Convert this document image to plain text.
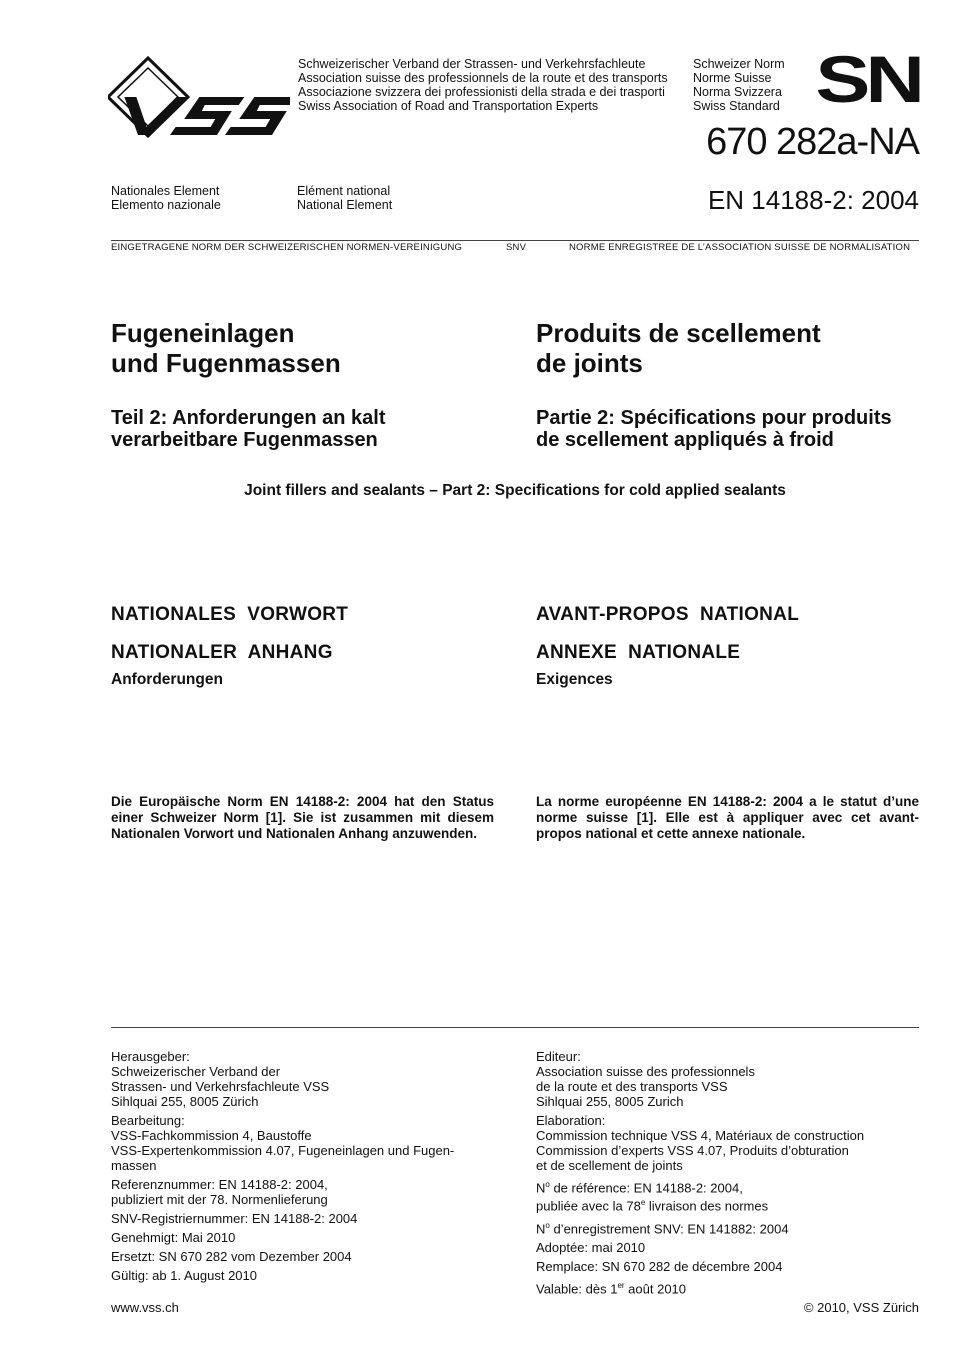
Schweizerischer Verband der Strassen- und Verkehrsfachleute
Association suisse des professionnels de la route et des transports
Associazione svizzera dei professionisti della strada e dei trasporti
Swiss Association of Road and Transportation Experts
Schweizer Norm
Norme Suisse
Norma Svizzera
Swiss Standard SN
670 282a-NA
EN 14188-2: 2004
Nationales Element
Elemento nazionale
Elément national
National Element
EINGETRAGENE NORM DER SCHWEIZERISCHEN NORMEN-VEREINIGUNG	SNV	NORME ENREGISTREE DE L’ASSOCIATION SUISSE DE NORMALISATION
Fugeneinlagen
und Fugenmassen
Produits de scellement
de joints
Teil 2: Anforderungen an kalt
verarbeitbare Fugenmassen
Partie 2: Spécifications pour produits
de scellement appliqués à froid
Joint fillers and sealants – Part 2: Specifications for cold applied sealants
NATIONALES  VORWORT	AVANT-PROPOS  NATIONAL
NATIONALER  ANHANG	ANNEXE  NATIONALE
Anforderungen	Exigences
Die Europäische Norm EN 14188-2: 2004 hat den Status einer Schweizer Norm [1]. Sie ist zusammen mit diesem Nationalen Vorwort und Nationalen Anhang anzuwenden.
La norme européenne EN 14188-2: 2004 a le statut d’une norme suisse [1]. Elle est à appliquer avec cet avant-propos national et cette annexe nationale.

Herausgeber:
Schweizerischer Verband der
Strassen- und Verkehrsfachleute VSS
Sihlquai 255, 8005 Zürich

Bearbeitung:
VSS-Fachkommission 4, Baustoffe
VSS-Expertenkommission 4.07, Fugeneinlagen und Fugen-
massen

Referenznummer: EN 14188-2: 2004,
publiziert mit der 78. Normenlieferung

SNV-Registriernummer: EN 14188-2: 2004

Genehmigt: Mai 2010

Ersetzt: SN 670 282 vom Dezember 2004

Gültig: ab 1. August 2010

Editeur:
Association suisse des professionnels
de la route et des transports VSS
Sihlquai 255, 8005 Zurich

Elaboration:
Commission technique VSS 4, Matériaux de construction
Commission d’experts VSS 4.07, Produits d’obturation
et de scellement de joints

$N^o$ de référence: EN 14188-2: 2004,
publiée avec la 78e livraison des normes

$N^o$ d’enregistrement SNV: EN 141882: 2004

Adoptée: mai 2010

Remplace: SN 670 282 de décembre 2004

Valable: dès 1er août 2010

www.vss.ch	© 2010, VSS Zürich
